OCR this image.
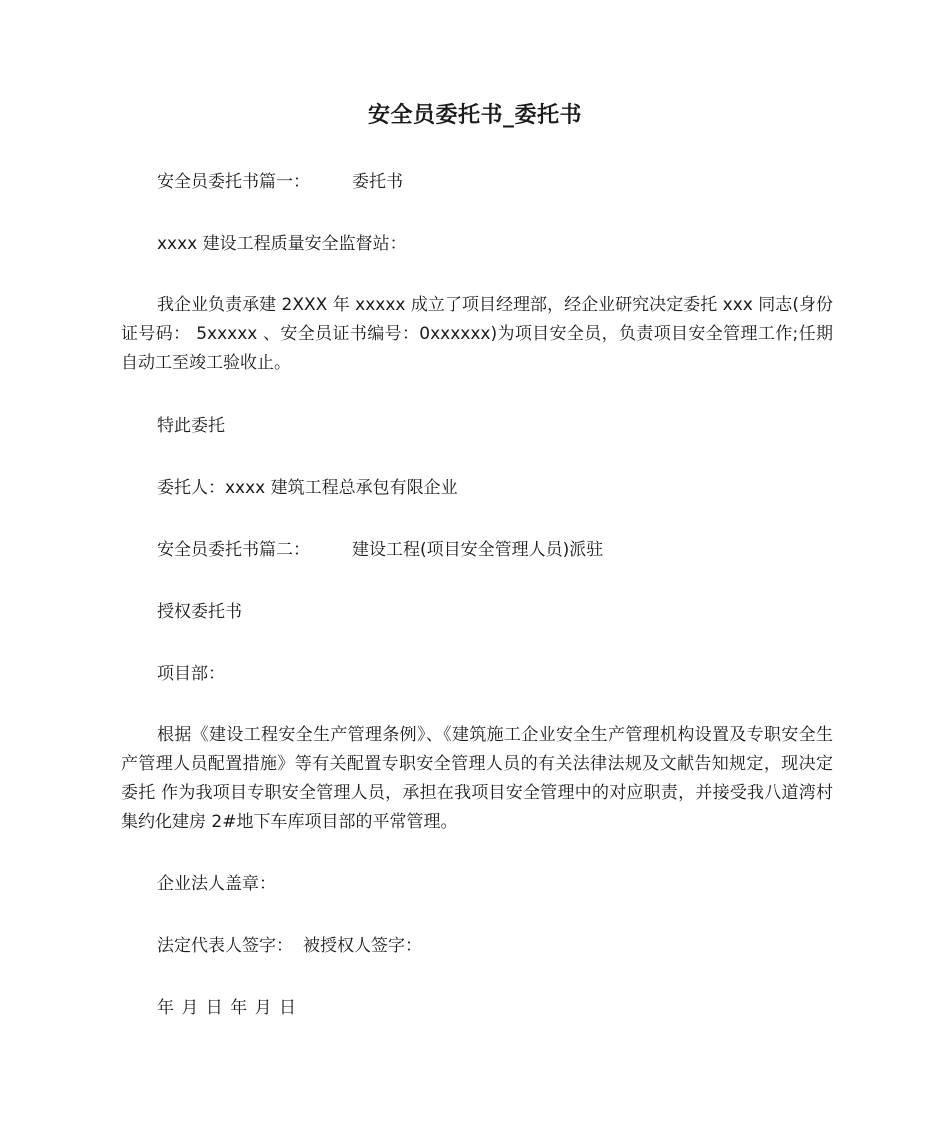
安全员委托书_委托书
安全员委托书篇一： 委托书
xxxx 建设工程质量安全监督站：
我企业负责承建 2XXX 年 xxxxx 成立了项目经理部，经企业研究决定委托 xxx 同志(身份证号码： 5xxxxx 、安全员证书编号：0xxxxxx)为项目安全员，负责项目安全管理工作;任期自动工至竣工验收止。
特此委托
委托人：xxxx 建筑工程总承包有限企业
安全员委托书篇二： 建设工程(项目安全管理人员)派驻
授权委托书
项目部：
根据《建设工程安全生产管理条例》、《建筑施工企业安全生产管理机构设置及专职安全生产管理人员配置措施》等有关配置专职安全管理人员的有关法律法规及文献告知规定，现决定委托 作为我项目专职安全管理人员，承担在我项目安全管理中的对应职责，并接受我八道湾村集约化建房 2#地下车库项目部的平常管理。
企业法人盖章：
法定代表人签字： 被授权人签字：
年 月 日 年 月 日
